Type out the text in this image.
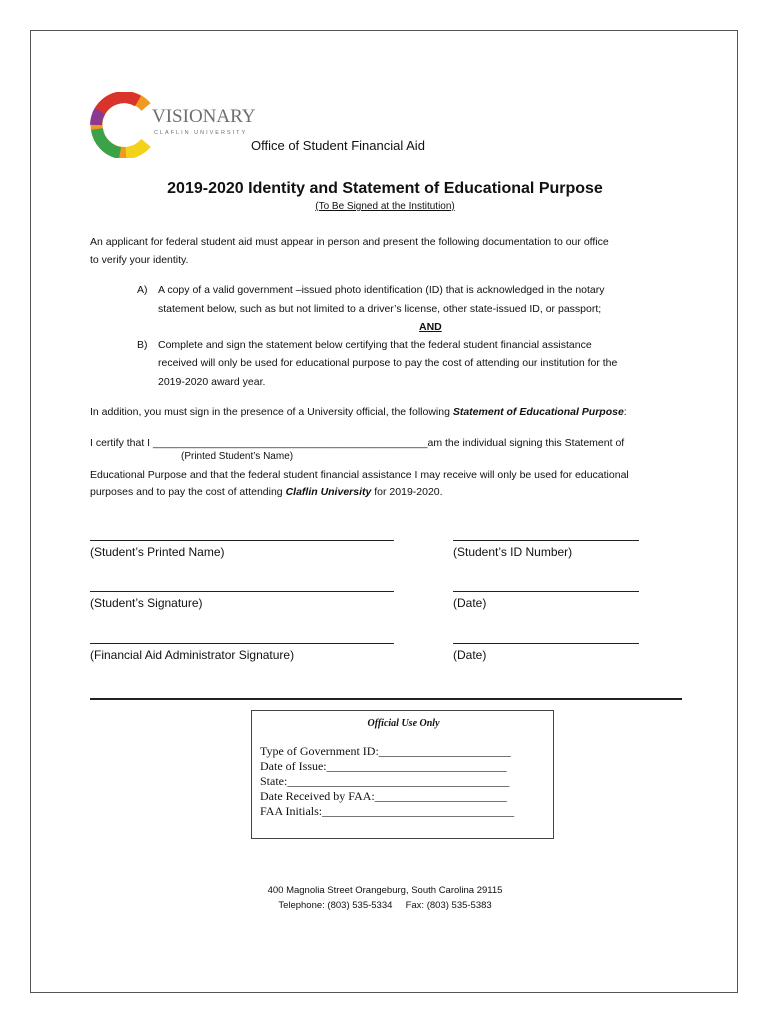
VISIONARY
CLAFLIN UNIVERSITY
Office of Student Financial Aid
2019-2020 Identity and Statement of Educational Purpose
(To Be Signed at the Institution)
An applicant for federal student aid must appear in person and present the following documentation to our office
to verify your identity.
A) A copy of a valid government –issued photo identification (ID) that is acknowledged in the notary
statement below, such as but not limited to a driver’s license, other state-issued ID, or passport;
AND
B) Complete and sign the statement below certifying that the federal student financial assistance
received will only be used for educational purpose to pay the cost of attending our institution for the
2019-2020 award year.
In addition, you must sign in the presence of a University official, the following Statement of Educational Purpose:
I certify that I _______________________________________________am the individual signing this Statement of
(Printed Student’s Name)
Educational Purpose and that the federal student financial assistance I may receive will only be used for educational
purposes and to pay the cost of attending Claflin University for 2019-2020.
(Student’s Printed Name)	(Student’s ID Number)
(Student’s Signature)	(Date)
(Financial Aid Administrator Signature)	(Date)
Official Use Only
Type of Government ID:______________________
Date of Issue:______________________________
State:_____________________________________
Date Received by FAA:______________________
FAA Initials:________________________________
400 Magnolia Street Orangeburg, South Carolina 29115
Telephone: (803) 535-5334     Fax: (803) 535-5383
